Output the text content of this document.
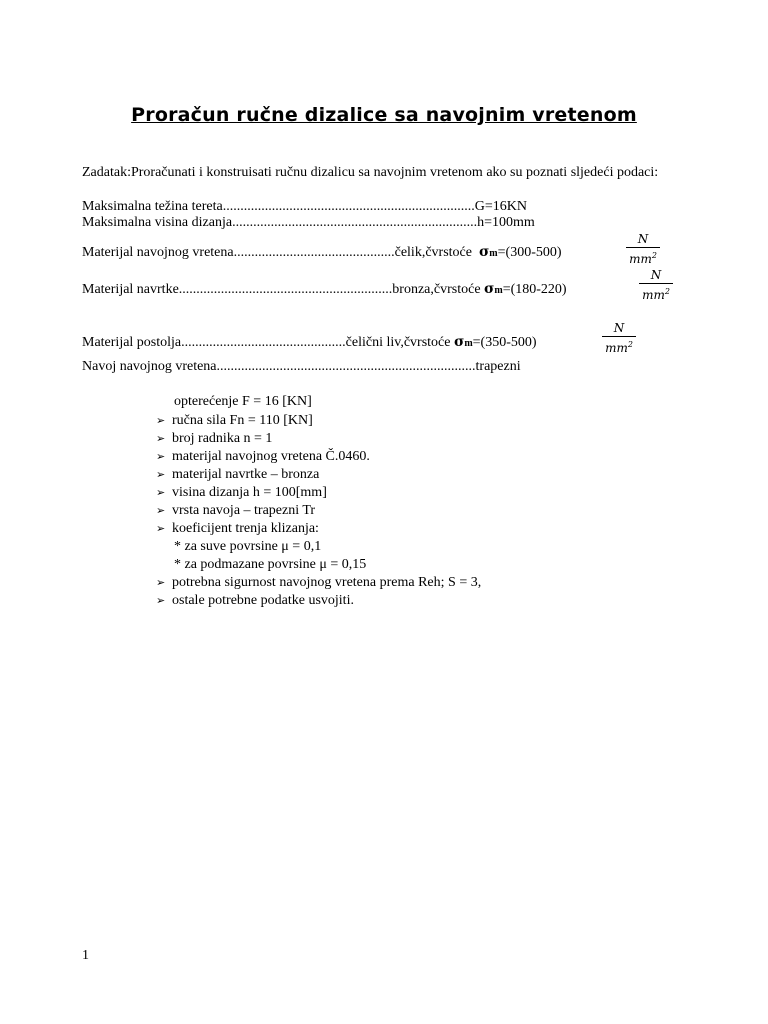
Proračun ručne dizalice sa navojnim vretenom
Zadatak:Proračunati i konstruisati ručnu dizalicu sa navojnim vretenom ako su poznati sljedeći podaci:
Maksimalna težina tereta........................................................................G=16KN
Maksimalna visina dizanja......................................................................h=100mm
Materijal navojnog vretena..............................................čelik,čvrstoće σm=(300-500)
N
$mm^2$
Materijal navrtke.............................................................bronza,čvrstoće σm=(180-220)
N
$mm^2$
Materijal postolja...............................................čelični liv,čvrstoće σm=(350-500)
N
$mm^2$
Navoj navojnog vretena..........................................................................trapezni
opterećenje F = 16 [KN]
➢ ručna sila Fn = 110 [KN]
➢ broj radnika n = 1
➢ materijal navojnog vretena Č.0460.
➢ materijal navrtke – bronza
➢ visina dizanja h = 100[mm]
➢ vrsta navoja – trapezni Tr
➢ koeficijent trenja klizanja:
* za suve povrsine μ = 0,1
* za podmazane povrsine μ = 0,15
➢ potrebna sigurnost navojnog vretena prema Reh; S = 3,
➢ ostale potrebne podatke usvojiti.
1
